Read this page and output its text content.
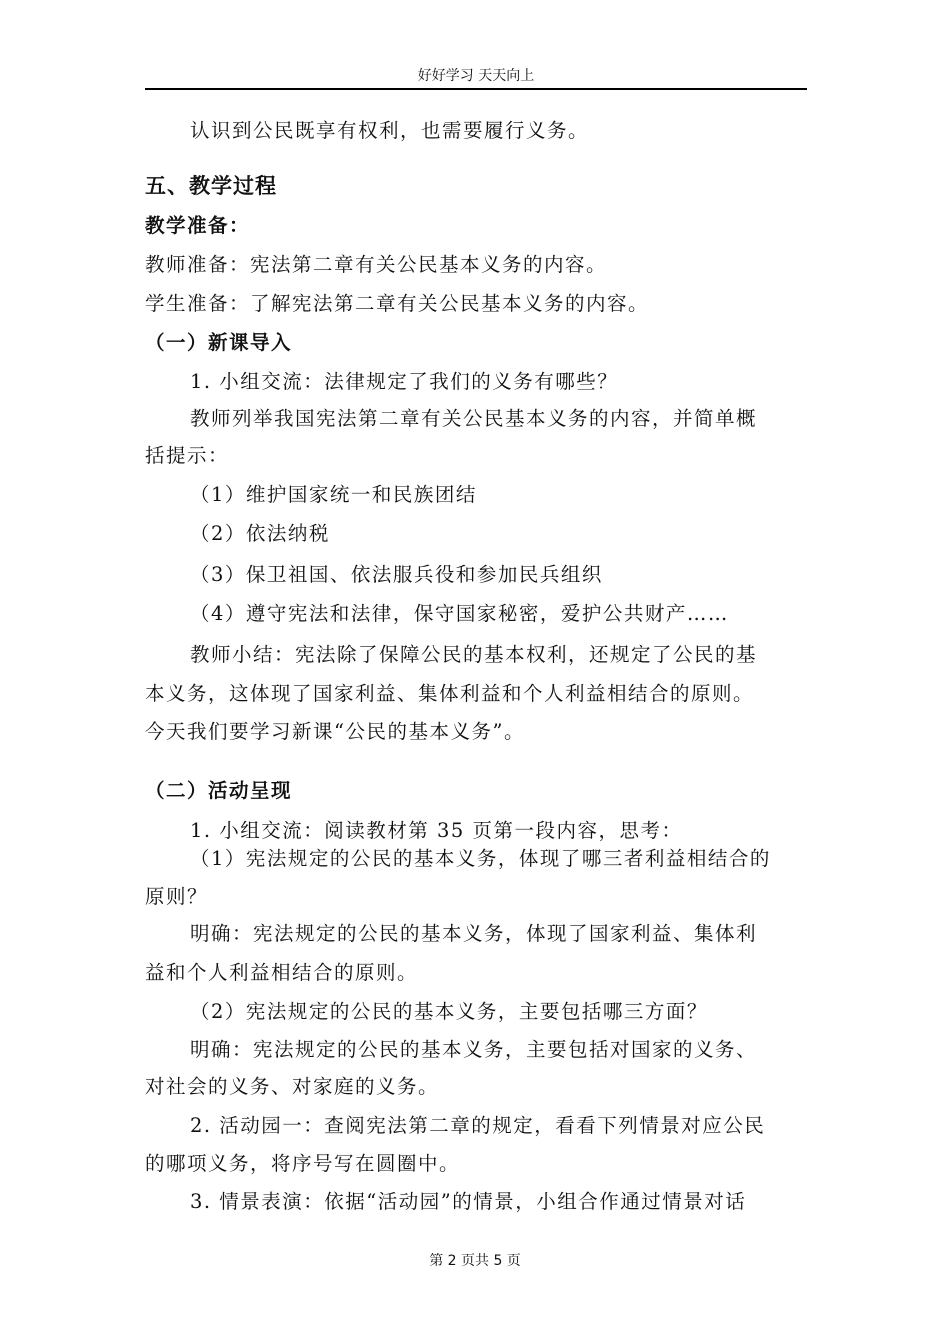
好好学习 天天向上
认识到公民既享有权利，也需要履行义务。
五、教学过程
教学准备：
教师准备：宪法第二章有关公民基本义务的内容。
学生准备：了解宪法第二章有关公民基本义务的内容。
（一）新课导入
1. 小组交流：法律规定了我们的义务有哪些？
教师列举我国宪法第二章有关公民基本义务的内容，并简单概
括提示：
（1）维护国家统一和民族团结
（2）依法纳税
（3）保卫祖国、依法服兵役和参加民兵组织
（4）遵守宪法和法律，保守国家秘密，爱护公共财产……
教师小结：宪法除了保障公民的基本权利，还规定了公民的基
本义务，这体现了国家利益、集体利益和个人利益相结合的原则。
今天我们要学习新课“公民的基本义务”。
（二）活动呈现
1. 小组交流：阅读教材第 35 页第一段内容，思考：
（1）宪法规定的公民的基本义务，体现了哪三者利益相结合的
原则？
明确：宪法规定的公民的基本义务，体现了国家利益、集体利
益和个人利益相结合的原则。
（2）宪法规定的公民的基本义务，主要包括哪三方面？
明确：宪法规定的公民的基本义务，主要包括对国家的义务、
对社会的义务、对家庭的义务。
2. 活动园一：查阅宪法第二章的规定，看看下列情景对应公民
的哪项义务，将序号写在圆圈中。
3. 情景表演：依据“活动园”的情景，小组合作通过情景对话
第 2 页共 5 页
